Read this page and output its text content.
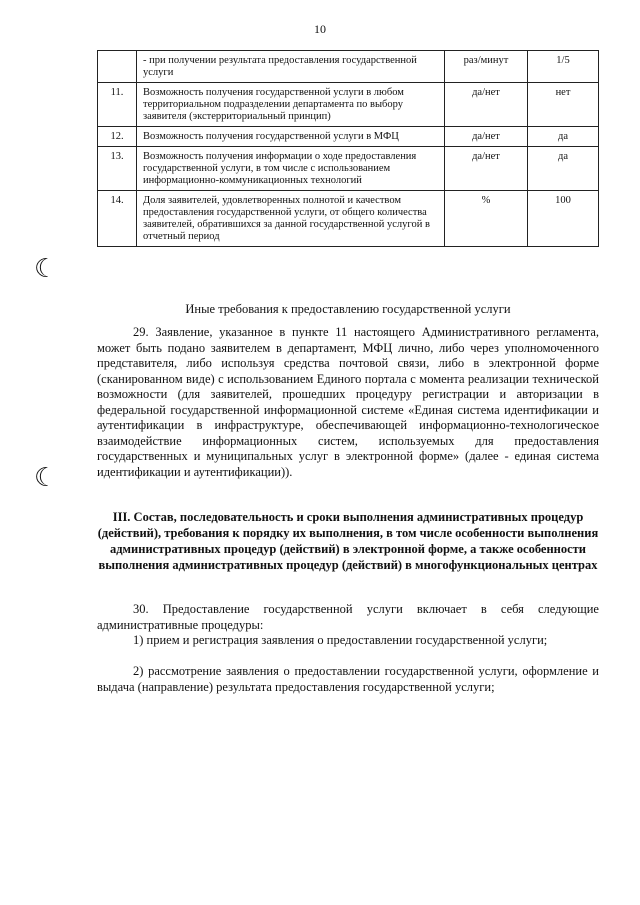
10
	- при получении результата предоставления государственной услуги	раз/минут	1/5
11.	Возможность получения государственной услуги в любом территориальном подразделении департамента по выбору заявителя (экстерриториальный принцип)	да/нет	нет
12.	Возможность получения государственной услуги в МФЦ	да/нет	да
13.	Возможность получения информации о ходе предоставления государственной услуги, в том числе с использованием информационно-коммуникационных технологий	да/нет	да
14.	Доля заявителей, удовлетворенных полнотой и качеством предоставления государственной услуги, от общего количества заявителей, обратившихся за данной государственной услугой в отчетный период	%	100
☾
☾
Иные требования к предоставлению государственной услуги
29. Заявление, указанное в пункте 11 настоящего Административного регламента, может быть подано заявителем в департамент, МФЦ лично, либо через уполномоченного представителя, либо используя средства почтовой связи, либо в электронной форме (сканированном виде) с использованием Единого портала с момента реализации технической возможности (для заявителей, прошедших процедуру регистрации и авторизации в федеральной государственной информационной системе «Единая система идентификации и аутентификации в инфраструктуре, обеспечивающей информационно-технологическое взаимодействие информационных систем, используемых для предоставления государственных и муниципальных услуг в электронной форме» (далее - единая система идентификации и аутентификации)).
III. Состав, последовательность и сроки выполнения административных процедур (действий), требования к порядку их выполнения, в том числе особенности выполнения административных процедур (действий) в электронной форме, а также особенности выполнения административных процедур (действий) в многофункциональных центрах
30. Предоставление государственной услуги включает в себя следующие административные процедуры:
1) прием и регистрация заявления о предоставлении государственной услуги;
2) рассмотрение заявления о предоставлении государственной услуги, оформление и выдача (направление) результата предоставления государственной услуги;
